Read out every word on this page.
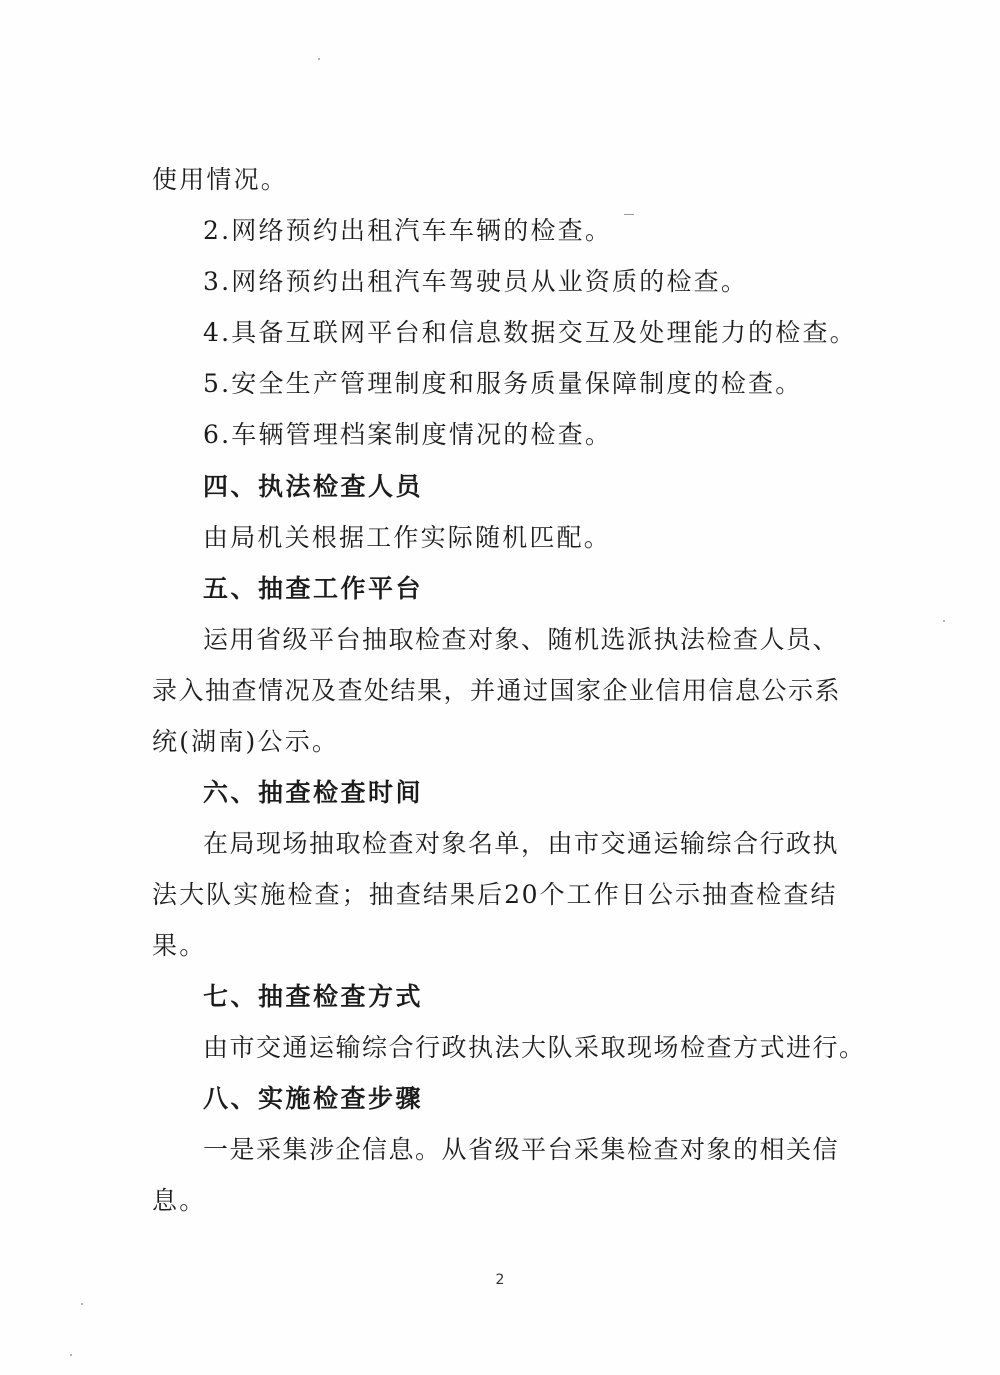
使用情况。
2.网络预约出租汽车车辆的检查。
3.网络预约出租汽车驾驶员从业资质的检查。
4.具备互联网平台和信息数据交互及处理能力的检查。
5.安全生产管理制度和服务质量保障制度的检查。
6.车辆管理档案制度情况的检查。
四、执法检查人员
由局机关根据工作实际随机匹配。
五、抽查工作平台
运用省级平台抽取检查对象、随机选派执法检查人员、
录入抽查情况及查处结果，并通过国家企业信用信息公示系
统(湖南)公示。
六、抽查检查时间
在局现场抽取检查对象名单，由市交通运输综合行政执
法大队实施检查；抽查结果后20个工作日公示抽查检查结
果。
七、抽查检查方式
由市交通运输综合行政执法大队采取现场检查方式进行。
八、实施检查步骤
一是采集涉企信息。从省级平台采集检查对象的相关信
息。
2
